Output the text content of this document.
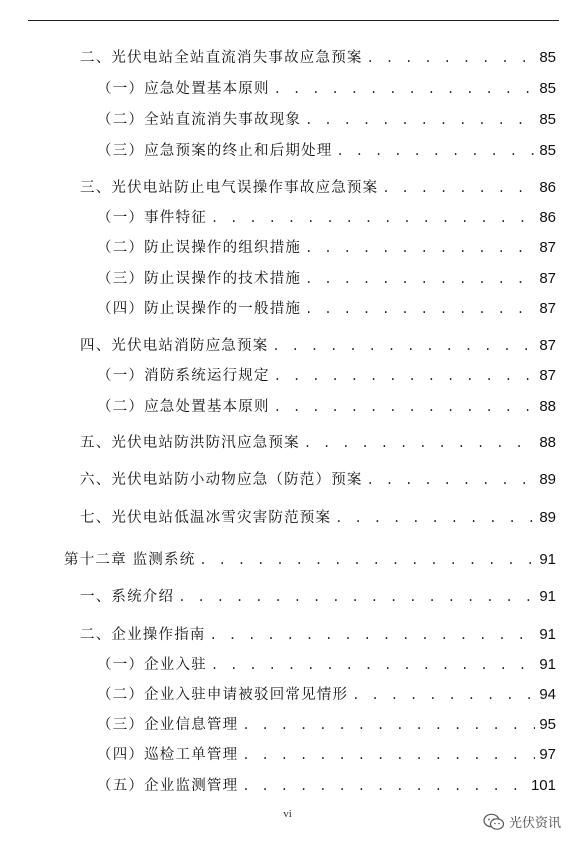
二、光伏电站全站直流消失事故应急预案 . . .	85
（一）应急处置基本原则 . . .	85
（二）全站直流消失事故现象 . . .	85
（三）应急预案的终止和后期处理 . . .	85
三、光伏电站防止电气误操作事故应急预案 . . .	86
（一）事件特征 . . .	86
（二）防止误操作的组织措施 . . .	87
（三）防止误操作的技术措施 . . .	87
（四）防止误操作的一般措施 . . .	87
四、光伏电站消防应急预案 . . .	87
（一）消防系统运行规定 . . .	87
（二）应急处置基本原则 . . .	88
五、光伏电站防洪防汛应急预案 . . .	88
六、光伏电站防小动物应急（防范）预案 . . .	89
七、光伏电站低温冰雪灾害防范预案 . . .	89
第十二章 监测系统 . . .	91
一、系统介绍 . . .	91
二、企业操作指南 . . .	91
（一）企业入驻 . . .	91
（二）企业入驻申请被驳回常见情形 . . .	94
（三）企业信息管理 . . .	95
（四）巡检工单管理 . . .	97
（五）企业监测管理 . . .	101
vi
光伏资讯
